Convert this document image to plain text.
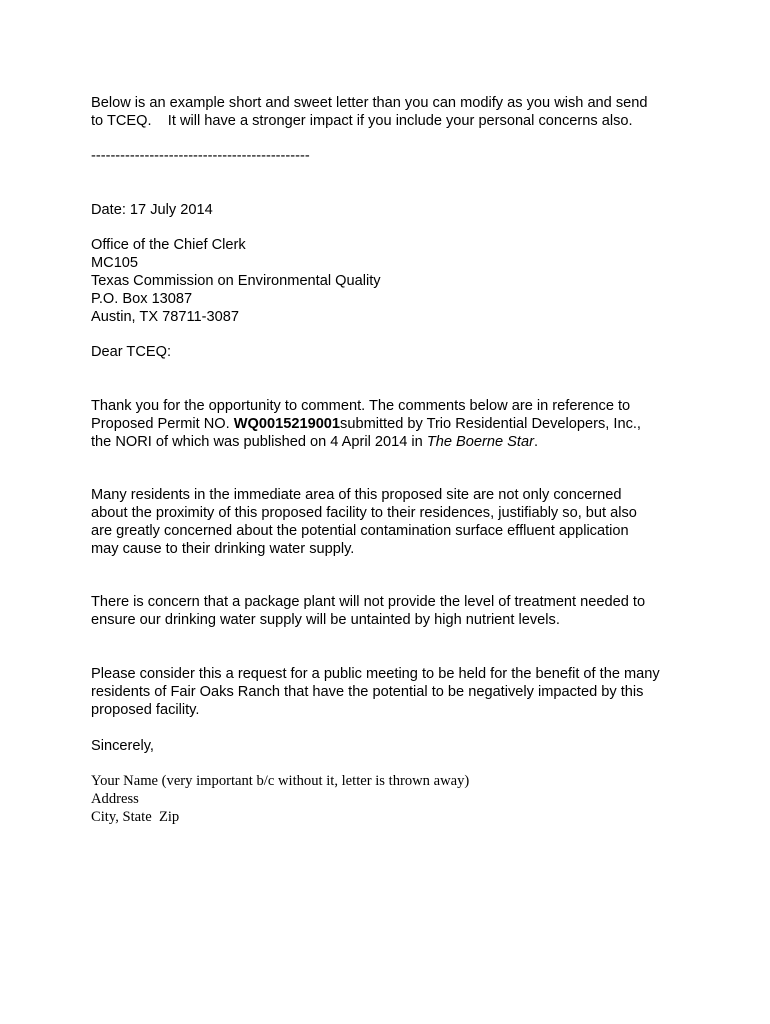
Below is an example short and sweet letter than you can modify as you wish and send
to TCEQ.    It will have a stronger impact if you include your personal concerns also.

---------------------------------------------

Date: 17 July 2014

Office of the Chief Clerk
MC105
Texas Commission on Environmental Quality
P.O. Box 13087
Austin, TX 78711-3087

Dear TCEQ:

Thank you for the opportunity to comment. The comments below are in reference to
Proposed Permit NO. WQ0015219001submitted by Trio Residential Developers, Inc.,
the NORI of which was published on 4 April 2014 in The Boerne Star.

Many residents in the immediate area of this proposed site are not only concerned
about the proximity of this proposed facility to their residences, justifiably so, but also
are greatly concerned about the potential contamination surface effluent application
may cause to their drinking water supply.

There is concern that a package plant will not provide the level of treatment needed to
ensure our drinking water supply will be untainted by high nutrient levels.

Please consider this a request for a public meeting to be held for the benefit of the many
residents of Fair Oaks Ranch that have the potential to be negatively impacted by this
proposed facility.

Sincerely,

Your Name (very important b/c without it, letter is thrown away)
Address
City, State  Zip
